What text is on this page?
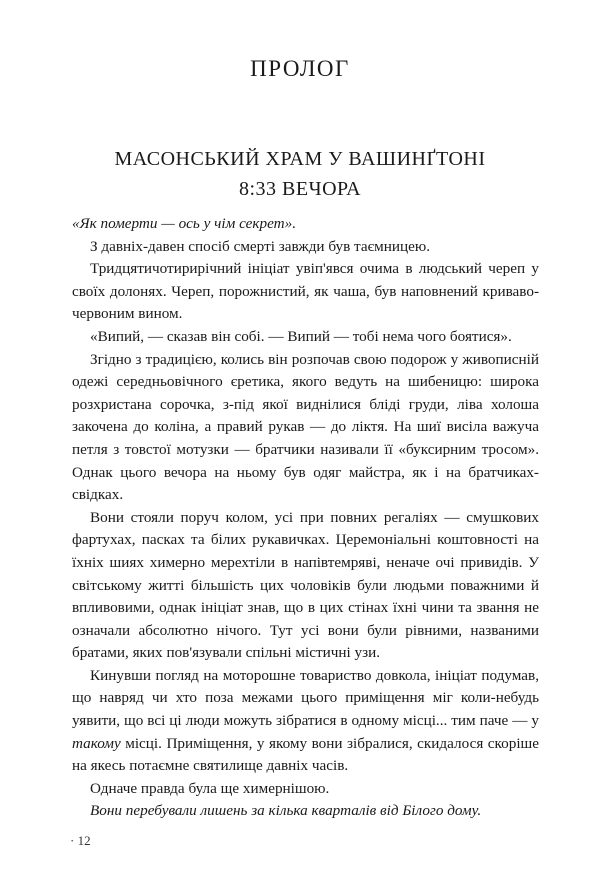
ПРОЛОГ
МАСОНСЬКИЙ ХРАМ У ВАШИНҐТОНІ
8:33 ВЕЧОРА

«Як померти — ось у чім секрет».

З давніх-давен спосіб смерті завжди був таємницею.

Тридцятичотирирічний ініціат увіп'явся очима в людський череп у своїх долонях. Череп, порожнистий, як чаша, був наповнений криваво-червоним вином.

«Випий, — сказав він собі. — Випий — тобі нема чого боятися».

Згідно з традицією, колись він розпочав свою подорож у живописній одежі середньовічного єретика, якого ведуть на шибеницю: широка розхристана сорочка, з-під якої виднілися бліді груди, ліва холоша закочена до коліна, а правий рукав — до ліктя. На шиї висіла важуча петля з товстої мотузки — братчики називали її «буксирним тросом». Однак цього вечора на ньому був одяг майстра, як і на братчиках-свідках.

Вони стояли поруч колом, усі при повних регаліях — смушкових фартухах, пасках та білих рукавичках. Церемоніальні коштовності на їхніх шиях химерно мерехтіли в напівтемряві, неначе очі привидів. У світському житті більшість цих чоловіків були людьми поважними й впливовими, однак ініціат знав, що в цих стінах їхні чини та звання не означали абсолютно нічого. Тут усі вони були рівними, названими братами, яких пов'язували спільні містичні узи.

Кинувши погляд на моторошне товариство довкола, ініціат подумав, що навряд чи хто поза межами цього приміщення міг коли-небудь уявити, що всі ці люди можуть зібратися в одному місці... тим паче — у такому місці. Приміщення, у якому вони зібралися, скидалося скоріше на якесь потаємне святилище давніх часів.

Одначе правда була ще химернішою.

Вони перебували лишень за кілька кварталів від Білого дому.

· 12
